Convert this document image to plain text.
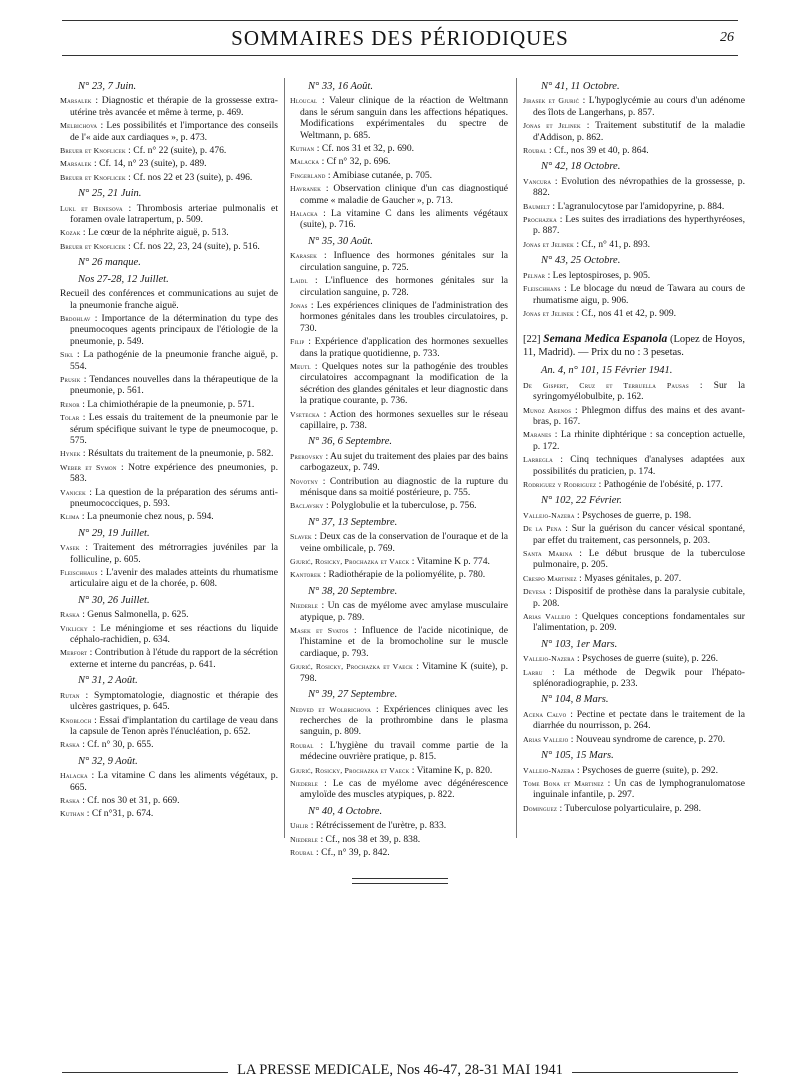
SOMMAIRES DES PÉRIODIQUES	26
N° 23, 7 Juin.
Marsalek : Diagnostic et thérapie de la grossesse extra-utérine très avancée et même à terme, p. 469.
Melbichova : Les possibilités et l'importance des conseils de l'« aide aux cardiaques », p. 473.
Breuer et Knoflicek : Cf. n° 22 (suite), p. 476.
Marsalek : Cf. 14, n° 23 (suite), p. 489.
Breuer et Knoflicek : Cf. nos 22 et 23 (suite), p. 496.
N° 25, 21 Juin.
Lukl et Benesova : Thrombosis arteriae pulmonalis et foramen ovale latrapertum, p. 509.
Kozak : Le cœur de la néphrite aiguë, p. 513.
Breuer et Knoflicek : Cf. nos 22, 23, 24 (suite), p. 516.
N° 26 manque.
Nos 27-28, 12 Juillet.
Recueil des conférences et communications au sujet de la pneumonie franche aiguë.
Brdohlav : Importance de la détermination du type des pneumocoques agents principaux de l'étiologie de la pneumonie, p. 549.
Sikl : La pathogénie de la pneumonie franche aiguë, p. 554.
Prusik : Tendances nouvelles dans la thérapeutique de la pneumonie, p. 561.
Renor : La chimiothérapie de la pneumonie, p. 571.
Tolar : Les essais du traitement de la pneumonie par le sérum spécifique suivant le type de pneumocoque, p. 575.
Hynek : Résultats du traitement de la pneumonie, p. 582.
Weber et Symon : Notre expérience des pneumonies, p. 583.
Vanicek : La question de la préparation des sérums anti-pneumococciques, p. 593.
Klima : La pneumonie chez nous, p. 594.
N° 29, 19 Juillet.
Vasek : Traitement des métrorragies juvéniles par la folliculine, p. 605.
Fleischhaus : L'avenir des malades atteints du rhumatisme articulaire aigu et de la chorée, p. 608.
N° 30, 26 Juillet.
Raska : Genus Salmonella, p. 625.
Viklicky : Le méningiome et ses réactions du liquide céphalo-rachidien, p. 634.
Merfort : Contribution à l'étude du rapport de la sécrétion externe et interne du pancréas, p. 641.
N° 31, 2 Août.
Rutan : Symptomatologie, diagnostic et thérapie des ulcères gastriques, p. 645.
Knobloch : Essai d'implantation du cartilage de veau dans la capsule de Tenon après l'énucléation, p. 652.
Raska : Cf. n° 30, p. 655.
N° 32, 9 Août.
Halacka : La vitamine C dans les aliments végétaux, p. 665.
Raska : Cf. nos 30 et 31, p. 669.
Kuthan : Cf n°31, p. 674.
N° 33, 16 Août.
Hloucal : Valeur clinique de la réaction de Weltmann dans le sérum sanguin dans les affections hépatiques. Modifications expérimentales du spectre de Weltmann, p. 685.
Kuthan : Cf. nos 31 et 32, p. 690.
Malacka : Cf n° 32, p. 696.
Fingerland : Amibiase cutanée, p. 705.
Havranek : Observation clinique d'un cas diagnostiqué comme « maladie de Gaucher », p. 713.
Halacka : La vitamine C dans les aliments végétaux (suite), p. 716.
N° 35, 30 Août.
Karasek : Influence des hormones génitales sur la circulation sanguine, p. 725.
Laidl : L'influence des hormones génitales sur la circulation sanguine, p. 728.
Jonas : Les expériences cliniques de l'administration des hormones génitales dans les troubles circulatoires, p. 730.
Filip : Expérience d'application des hormones sexuelles dans la pratique quotidienne, p. 733.
Meutl : Quelques notes sur la pathogénie des troubles circulatoires accompagnant la modification de la sécrétion des glandes génitales et leur diagnostic dans la pratique courante, p. 736.
Vsetecka : Action des hormones sexuelles sur le réseau capillaire, p. 738.
N° 36, 6 Septembre.
Prerovsky : Au sujet du traitement des plaies par des bains carbogazeux, p. 749.
Novotny : Contribution au diagnostic de la rupture du ménisque dans sa moitié postérieure, p. 755.
Baclavsky : Polyglobulie et la tuberculose, p. 756.
N° 37, 13 Septembre.
Slavek : Deux cas de la conservation de l'ouraque et de la veine ombilicale, p. 769.
Gjurić, Rosicky, Prochazka et Vaeck : Vitamine K p. 774.
Kantorek : Radiothérapie de la poliomyélite, p. 780.
N° 38, 20 Septembre.
Niederle : Un cas de myélome avec amylase musculaire atypique, p. 789.
Masek et Svatos : Influence de l'acide nicotinique, de l'histamine et de la bromocholine sur le muscle cardiaque, p. 793.
Gjurić, Rosicky, Prochazka et Vaeck : Vitamine K (suite), p. 798.
N° 39, 27 Septembre.
Nedved et Wolbrichova : Expériences cliniques avec les recherches de la prothrombine dans le plasma sanguin, p. 809.
Roubal : L'hygiène du travail comme partie de la médecine ouvrière pratique, p. 815.
Gjurić, Rosicky, Prochazka et Vaeck : Vitamine K, p. 820.
Niederle : Le cas de myélome avec dégénérescence amyloïde des muscles atypiques, p. 822.
N° 40, 4 Octobre.
Uhlir : Rétrécissement de l'urètre, p. 833.
Niederle : Cf., nos 38 et 39, p. 838.
Roubal : Cf., n° 39, p. 842.
N° 41, 11 Octobre.
Jirasek et Gjurić : L'hypoglycémie au cours d'un adénome des îlots de Langerhans, p. 857.
Jonas et Jelinek : Traitement substitutif de la maladie d'Addison, p. 862.
Roubal : Cf., nos 39 et 40, p. 864.
N° 42, 18 Octobre.
Vancura : Evolution des névropathies de la grossesse, p. 882.
Baumelt : L'agranulocytose par l'amidopyrine, p. 884.
Prochazka : Les suites des irradiations des hyperthyréoses, p. 887.
Jonas et Jelinek : Cf., n° 41, p. 893.
N° 43, 25 Octobre.
Pelnar : Les leptospiroses, p. 905.
Fleischhans : Le blocage du nœud de Tawara au cours de rhumatisme aigu, p. 906.
Jonas et Jelinek : Cf., nos 41 et 42, p. 909.
[22] Semana Medica Espanola (Lopez de Hoyos, 11, Madrid). — Prix du no : 3 pesetas.
An. 4, n° 101, 15 Février 1941.
De Gispert, Cruz et Terruella Pausas : Sur la syringomyélobulbite, p. 162.
Munoz Arenos : Phlegmon diffus des mains et des avant-bras, p. 167.
Maranes : La rhinite diphtérique : sa conception actuelle, p. 172.
Larregla : Cinq techniques d'analyses adaptées aux possibilités du praticien, p. 174.
Rodriguez y Rodriguez : Pathogénie de l'obésité, p. 177.
N° 102, 22 Février.
Vallejo-Nazera : Psychoses de guerre, p. 198.
De la Pena : Sur la guérison du cancer vésical spontané, par effet du traitement, cas personnels, p. 203.
Santa Marina : Le début brusque de la tuberculose pulmonaire, p. 205.
Crespo Martinez : Myases génitales, p. 207.
Devesa : Dispositif de prothèse dans la paralysie cubitale, p. 208.
Arias Vallejo : Quelques conceptions fondamentales sur l'alimentation, p. 209.
N° 103, 1er Mars.
Vallejo-Nazera : Psychoses de guerre (suite), p. 226.
Larru : La méthode de Degwik pour l'hépato-splénoradiographie, p. 233.
N° 104, 8 Mars.
Acena Calvo : Pectine et pectate dans le traitement de la diarrhée du nourrisson, p. 264.
Arias Vallejo : Nouveau syndrome de carence, p. 270.
N° 105, 15 Mars.
Vallejo-Nazera : Psychoses de guerre (suite), p. 292.
Tome Bona et Martinez : Un cas de lymphogranulomatose inguinale infantile, p. 297.
Dominguez : Tuberculose polyarticulaire, p. 298.
LA PRESSE MEDICALE, Nos 46-47, 28-31 MAI 1941
